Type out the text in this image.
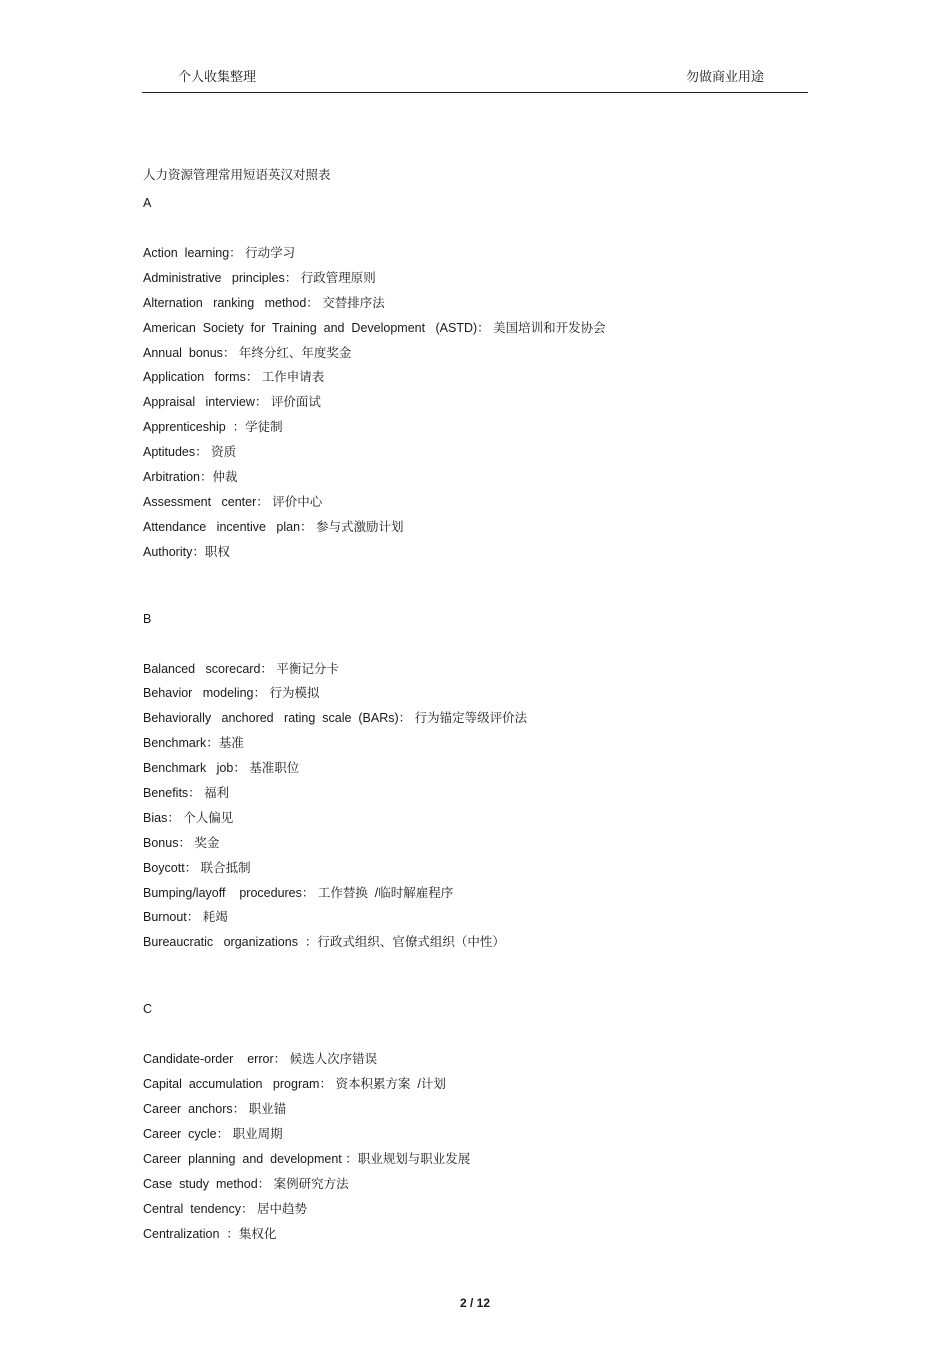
个人收集整理	勿做商业用途
人力资源管理常用短语英汉对照表
A
Action  learning： 行动学习
Administrative   principles： 行政管理原则
Alternation   ranking   method： 交替排序法
American  Society  for  Training  and  Development   (ASTD)： 美国培训和开发协会
Annual  bonus： 年终分红、年度奖金
Application   forms： 工作申请表
Appraisal   interview： 评价面试
Apprenticeship  ：学徒制
Aptitudes： 资质
Arbitration：仲裁
Assessment   center： 评价中心
Attendance   incentive   plan： 参与式激励计划
Authority：职权
B
Balanced   scorecard： 平衡记分卡
Behavior   modeling： 行为模拟
Behaviorally   anchored   rating  scale  (BARs)： 行为锚定等级评价法
Benchmark：基准
Benchmark   job： 基准职位
Benefits： 福利
Bias： 个人偏见
Bonus： 奖金
Boycott： 联合抵制
Bumping/layoff    procedures： 工作替换  /临时解雇程序
Burnout： 耗竭
Bureaucratic   organizations  ：行政式组织、官僚式组织（中性）
C
Candidate-order    error： 候选人次序错误
Capital  accumulation   program： 资本积累方案  /计划
Career  anchors： 职业锚
Career  cycle： 职业周期
Career  planning  and  development ：职业规划与职业发展
Case  study  method： 案例研究方法
Central  tendency： 居中趋势
Centralization  ：集权化
2 / 12
